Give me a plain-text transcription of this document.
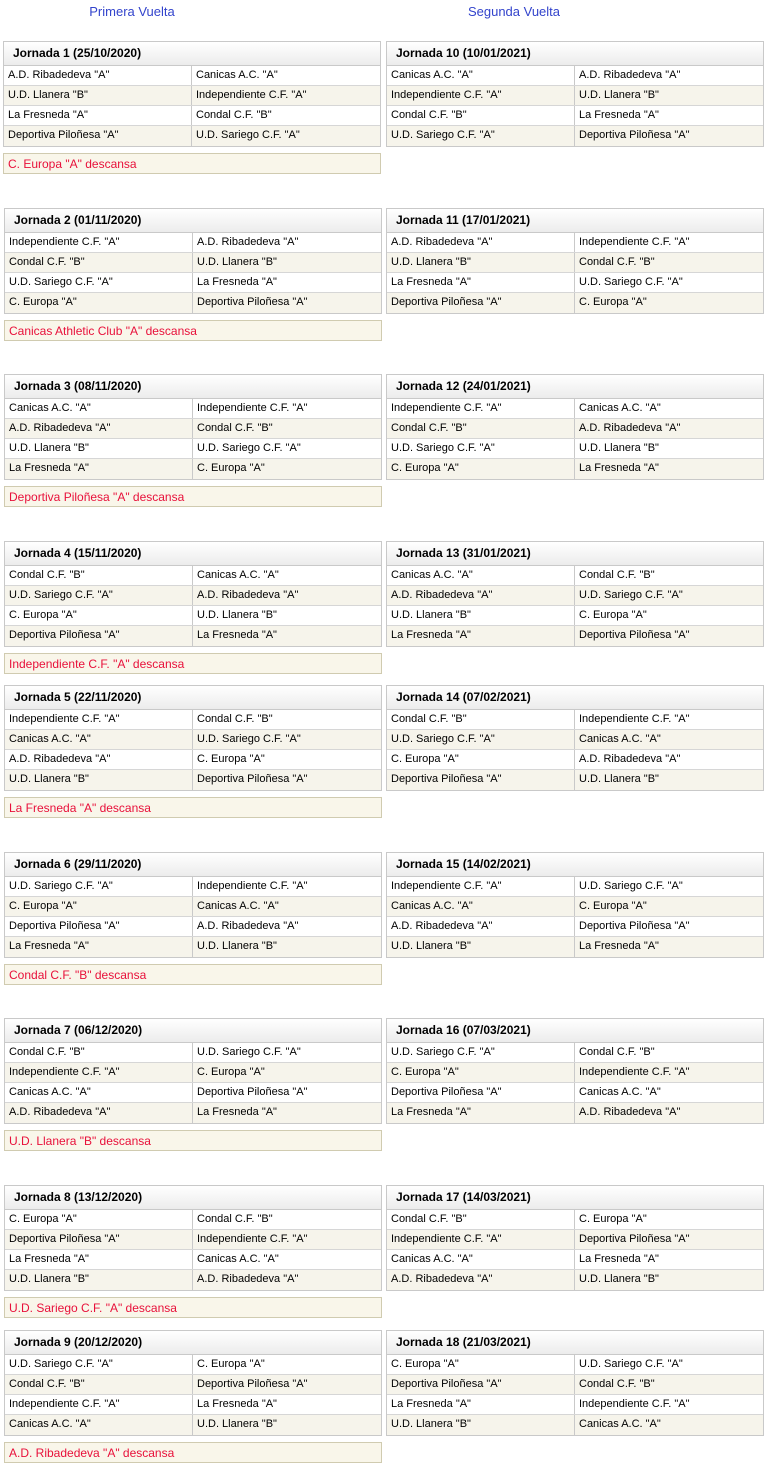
Primera Vuelta	Segunda Vuelta
Jornada 1 (25/10/2020)
A.D. Ribadedeva "A"	Canicas A.C. "A"
U.D. Llanera "B"	Independiente C.F. "A"
La Fresneda "A"	Condal C.F. "B"
Deportiva Piloñesa "A"	U.D. Sariego C.F. "A"
Jornada 10 (10/01/2021)
Canicas A.C. "A"	A.D. Ribadedeva "A"
Independiente C.F. "A"	U.D. Llanera "B"
Condal C.F. "B"	La Fresneda "A"
U.D. Sariego C.F. "A"	Deportiva Piloñesa "A"
C. Europa "A" descansa
Jornada 2 (01/11/2020)
Independiente C.F. "A"	A.D. Ribadedeva "A"
Condal C.F. "B"	U.D. Llanera "B"
U.D. Sariego C.F. "A"	La Fresneda "A"
C. Europa "A"	Deportiva Piloñesa "A"
Jornada 11 (17/01/2021)
A.D. Ribadedeva "A"	Independiente C.F. "A"
U.D. Llanera "B"	Condal C.F. "B"
La Fresneda "A"	U.D. Sariego C.F. "A"
Deportiva Piloñesa "A"	C. Europa "A"
Canicas Athletic Club "A" descansa
Jornada 3 (08/11/2020)
Canicas A.C. "A"	Independiente C.F. "A"
A.D. Ribadedeva "A"	Condal C.F. "B"
U.D. Llanera "B"	U.D. Sariego C.F. "A"
La Fresneda "A"	C. Europa "A"
Jornada 12 (24/01/2021)
Independiente C.F. "A"	Canicas A.C. "A"
Condal C.F. "B"	A.D. Ribadedeva "A"
U.D. Sariego C.F. "A"	U.D. Llanera "B"
C. Europa "A"	La Fresneda "A"
Deportiva Piloñesa "A" descansa
Jornada 4 (15/11/2020)
Condal C.F. "B"	Canicas A.C. "A"
U.D. Sariego C.F. "A"	A.D. Ribadedeva "A"
C. Europa "A"	U.D. Llanera "B"
Deportiva Piloñesa "A"	La Fresneda "A"
Jornada 13 (31/01/2021)
Canicas A.C. "A"	Condal C.F. "B"
A.D. Ribadedeva "A"	U.D. Sariego C.F. "A"
U.D. Llanera "B"	C. Europa "A"
La Fresneda "A"	Deportiva Piloñesa "A"
Independiente C.F. "A" descansa
Jornada 5 (22/11/2020)
Independiente C.F. "A"	Condal C.F. "B"
Canicas A.C. "A"	U.D. Sariego C.F. "A"
A.D. Ribadedeva "A"	C. Europa "A"
U.D. Llanera "B"	Deportiva Piloñesa "A"
Jornada 14 (07/02/2021)
Condal C.F. "B"	Independiente C.F. "A"
U.D. Sariego C.F. "A"	Canicas A.C. "A"
C. Europa "A"	A.D. Ribadedeva "A"
Deportiva Piloñesa "A"	U.D. Llanera "B"
La Fresneda "A" descansa
Jornada 6 (29/11/2020)
U.D. Sariego C.F. "A"	Independiente C.F. "A"
C. Europa "A"	Canicas A.C. "A"
Deportiva Piloñesa "A"	A.D. Ribadedeva "A"
La Fresneda "A"	U.D. Llanera "B"
Jornada 15 (14/02/2021)
Independiente C.F. "A"	U.D. Sariego C.F. "A"
Canicas A.C. "A"	C. Europa "A"
A.D. Ribadedeva "A"	Deportiva Piloñesa "A"
U.D. Llanera "B"	La Fresneda "A"
Condal C.F. "B" descansa
Jornada 7 (06/12/2020)
Condal C.F. "B"	U.D. Sariego C.F. "A"
Independiente C.F. "A"	C. Europa "A"
Canicas A.C. "A"	Deportiva Piloñesa "A"
A.D. Ribadedeva "A"	La Fresneda "A"
Jornada 16 (07/03/2021)
U.D. Sariego C.F. "A"	Condal C.F. "B"
C. Europa "A"	Independiente C.F. "A"
Deportiva Piloñesa "A"	Canicas A.C. "A"
La Fresneda "A"	A.D. Ribadedeva "A"
U.D. Llanera "B" descansa
Jornada 8 (13/12/2020)
C. Europa "A"	Condal C.F. "B"
Deportiva Piloñesa "A"	Independiente C.F. "A"
La Fresneda "A"	Canicas A.C. "A"
U.D. Llanera "B"	A.D. Ribadedeva "A"
Jornada 17 (14/03/2021)
Condal C.F. "B"	C. Europa "A"
Independiente C.F. "A"	Deportiva Piloñesa "A"
Canicas A.C. "A"	La Fresneda "A"
A.D. Ribadedeva "A"	U.D. Llanera "B"
U.D. Sariego C.F. "A" descansa
Jornada 9 (20/12/2020)
U.D. Sariego C.F. "A"	C. Europa "A"
Condal C.F. "B"	Deportiva Piloñesa "A"
Independiente C.F. "A"	La Fresneda "A"
Canicas A.C. "A"	U.D. Llanera "B"
Jornada 18 (21/03/2021)
C. Europa "A"	U.D. Sariego C.F. "A"
Deportiva Piloñesa "A"	Condal C.F. "B"
La Fresneda "A"	Independiente C.F. "A"
U.D. Llanera "B"	Canicas A.C. "A"
A.D. Ribadedeva "A" descansa
